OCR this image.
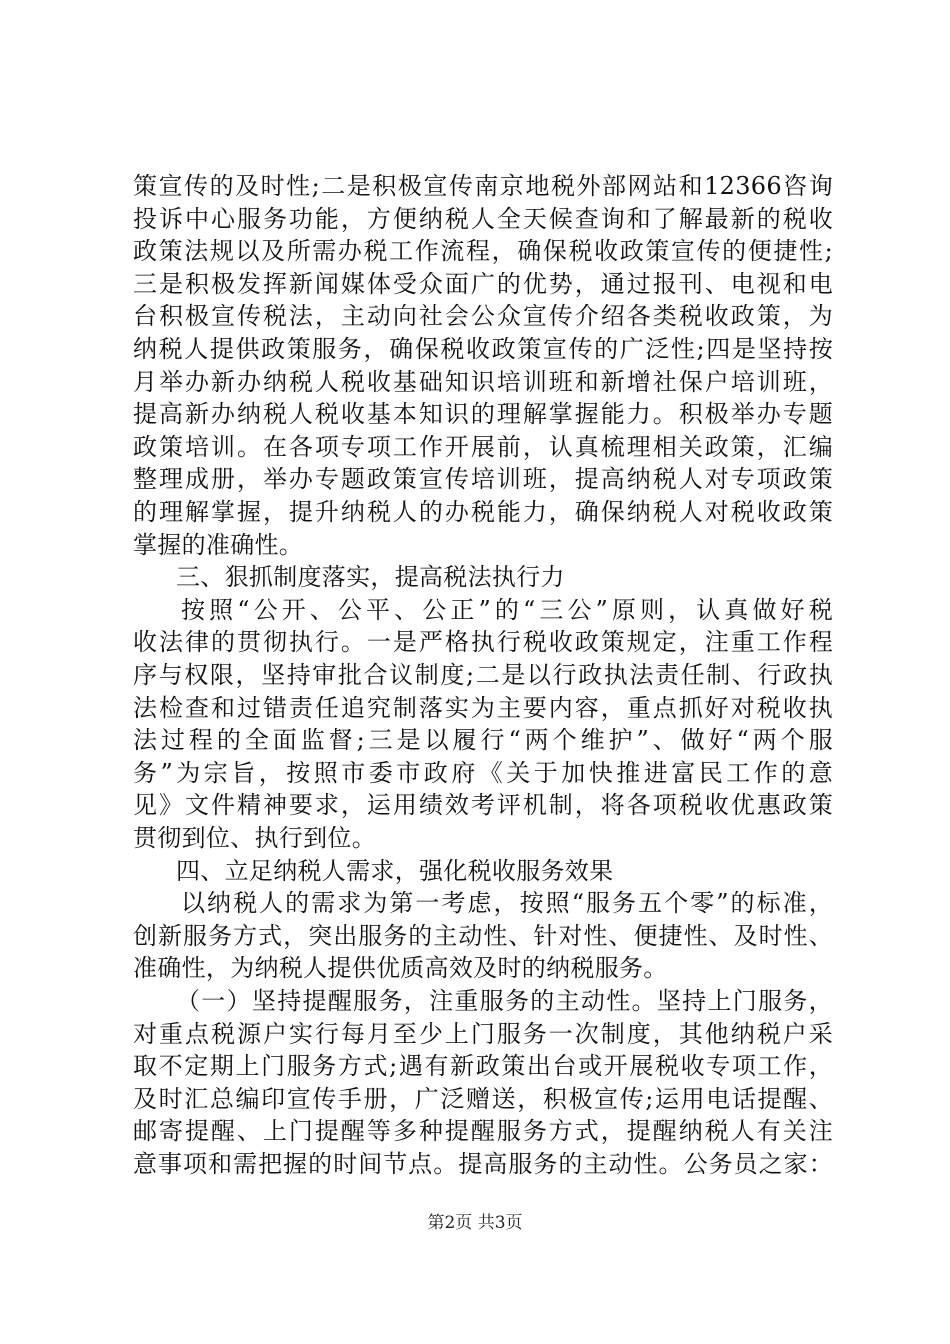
策宣传的及时性;二是积极宣传南京地税外部网站和12366咨询
投诉中心服务功能，方便纳税人全天候查询和了解最新的税收
政策法规以及所需办税工作流程，确保税收政策宣传的便捷性;
三是积极发挥新闻媒体受众面广的优势，通过报刊、电视和电
台积极宣传税法，主动向社会公众宣传介绍各类税收政策，为
纳税人提供政策服务，确保税收政策宣传的广泛性;四是坚持按
月举办新办纳税人税收基础知识培训班和新增社保户培训班，
提高新办纳税人税收基本知识的理解掌握能力。积极举办专题
政策培训。在各项专项工作开展前，认真梳理相关政策，汇编
整理成册，举办专题政策宣传培训班，提高纳税人对专项政策
的理解掌握，提升纳税人的办税能力，确保纳税人对税收政策
掌握的准确性。
三、狠抓制度落实，提高税法执行力
按照“公开、公平、公正”的“三公”原则，认真做好税
收法律的贯彻执行。一是严格执行税收政策规定，注重工作程
序与权限，坚持审批合议制度;二是以行政执法责任制、行政执
法检查和过错责任追究制落实为主要内容，重点抓好对税收执
法过程的全面监督;三是以履行“两个维护”、做好“两个服
务”为宗旨，按照市委市政府《关于加快推进富民工作的意
见》文件精神要求，运用绩效考评机制，将各项税收优惠政策
贯彻到位、执行到位。
四、立足纳税人需求，强化税收服务效果
以纳税人的需求为第一考虑，按照“服务五个零”的标准，
创新服务方式，突出服务的主动性、针对性、便捷性、及时性、
准确性，为纳税人提供优质高效及时的纳税服务。
（一）坚持提醒服务，注重服务的主动性。坚持上门服务，
对重点税源户实行每月至少上门服务一次制度，其他纳税户采
取不定期上门服务方式;遇有新政策出台或开展税收专项工作，
及时汇总编印宣传手册，广泛赠送，积极宣传;运用电话提醒、
邮寄提醒、上门提醒等多种提醒服务方式，提醒纳税人有关注
意事项和需把握的时间节点。提高服务的主动性。公务员之家：
第2页 共3页
